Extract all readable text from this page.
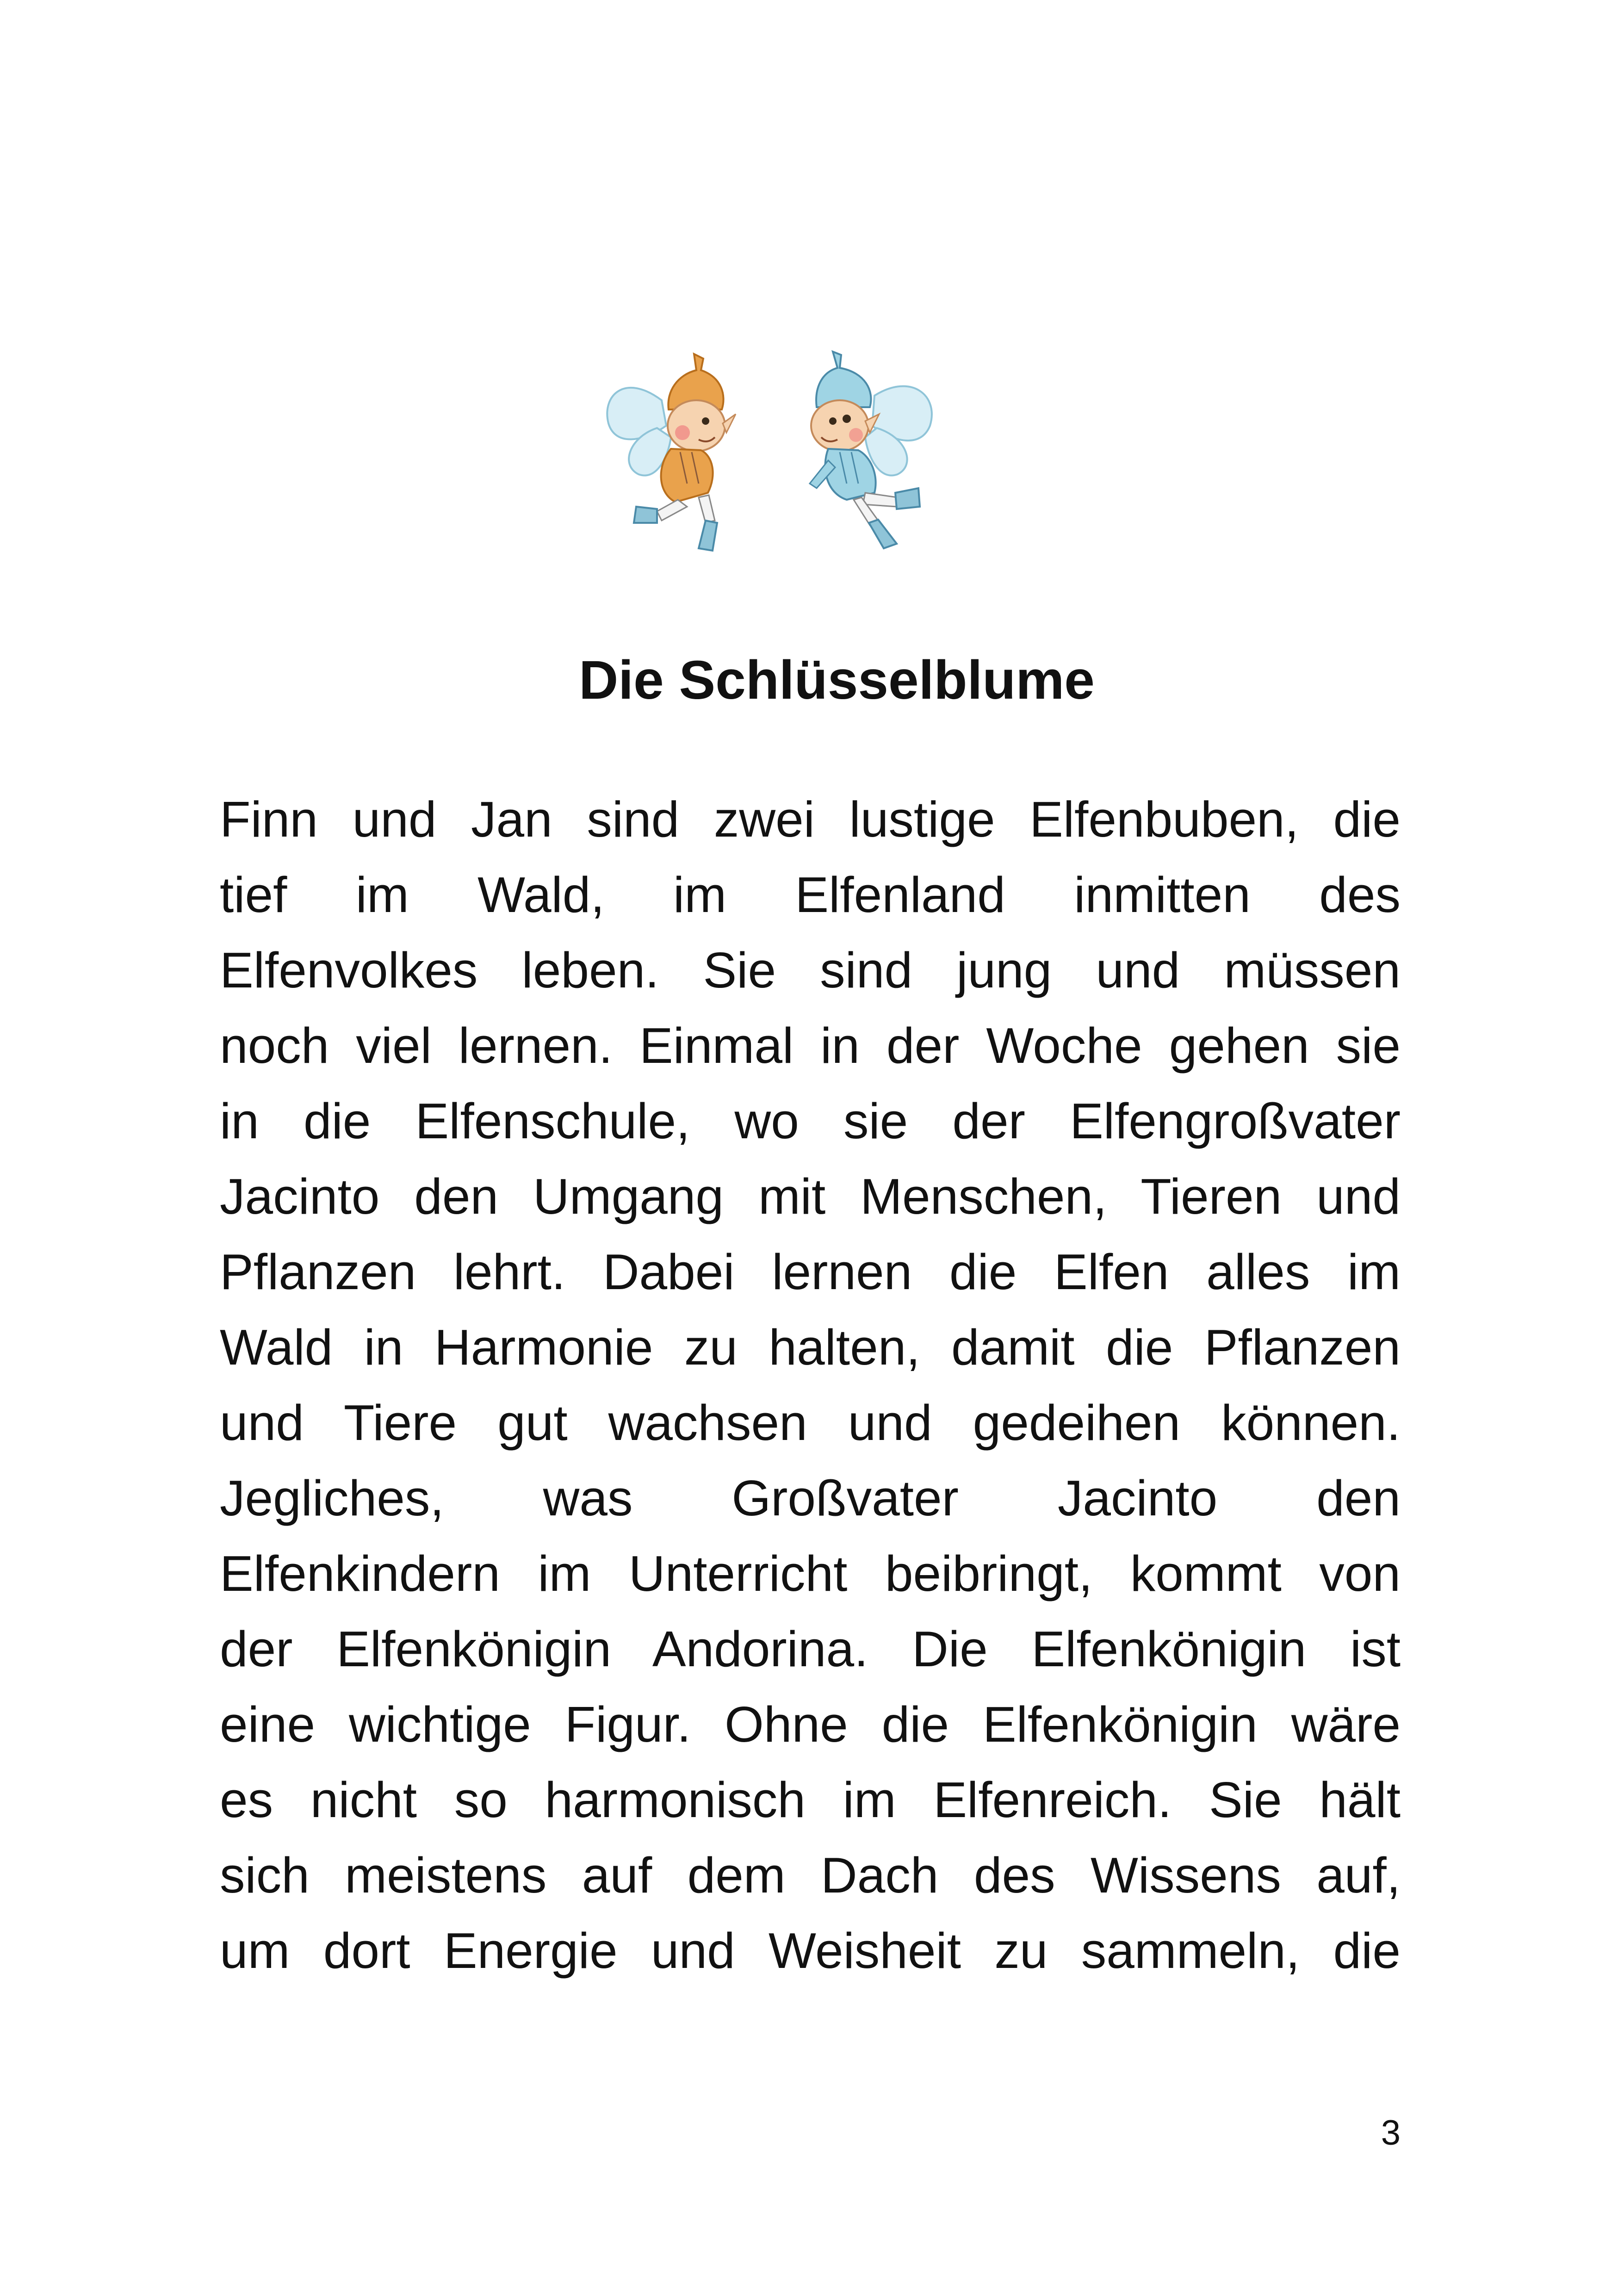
Die Schlüsselblume
Finn und Jan sind zwei lustige Elfenbuben, die
tief im Wald, im Elfenland inmitten des
Elfenvolkes leben. Sie sind jung und müssen
noch viel lernen. Einmal in der Woche gehen sie
in die Elfenschule, wo sie der Elfengroßvater
Jacinto den Umgang mit Menschen, Tieren und
Pflanzen lehrt. Dabei lernen die Elfen alles im
Wald in Harmonie zu halten, damit die Pflanzen
und Tiere gut wachsen und gedeihen können.
Jegliches, was Großvater Jacinto den
Elfenkindern im Unterricht beibringt, kommt von
der Elfenkönigin Andorina. Die Elfenkönigin ist
eine wichtige Figur. Ohne die Elfenkönigin wäre
es nicht so harmonisch im Elfenreich. Sie hält
sich meistens auf dem Dach des Wissens auf,
um dort Energie und Weisheit zu sammeln, die
3
